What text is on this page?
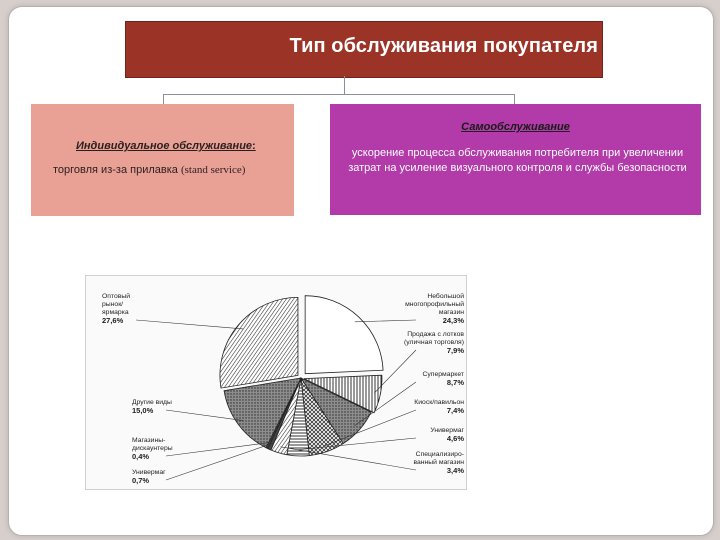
Тип обслуживания покупателя
Индивидуальное обслуживание:
торговля из-за прилавка (stand service)
Самообслуживание
ускорение процесса обслуживания потребителя при увеличении затрат на усиление визуального контроля и службы безопасности
Небольшой многопрофильный магазин 24,3%
Продажа с лотков (уличная торговля) 7,9%
Супермаркет 8,7%
Киоск/павильон 7,4%
Универмаг 4,6%
Специализиро-ванный магазин 3,4%
Универмаг 0,7%
Магазины-дискаунтеры 0,4%
Другие виды 15,0%
Оптовый рынок/ ярмарка 27,6%
